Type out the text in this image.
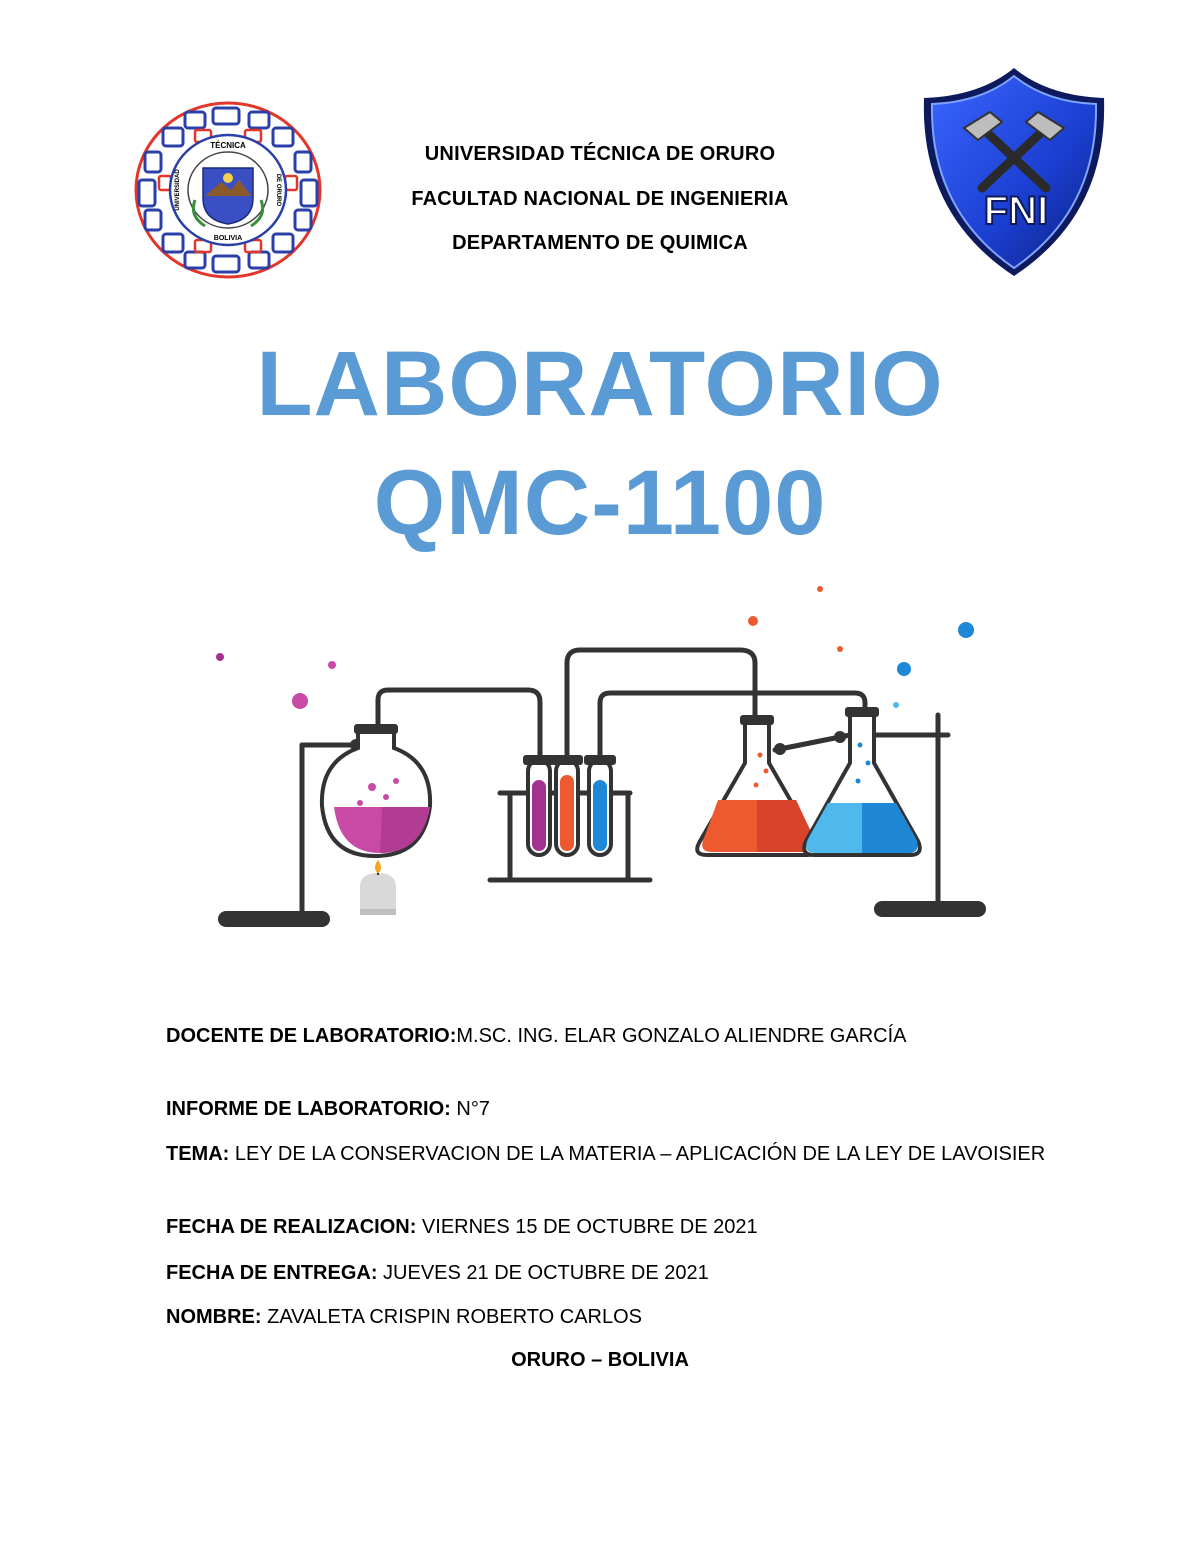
TÉCNICA
BOLIVIA
UNIVERSIDAD	DE ORURO
UNIVERSIDAD TÉCNICA DE ORURO
FACULTAD NACIONAL DE INGENIERIA
DEPARTAMENTO DE QUIMICA
FNI
LABORATORIO
QMC-1100
DOCENTE DE LABORATORIO:M.SC. ING. ELAR GONZALO ALIENDRE GARCÍA
INFORME DE LABORATORIO: N°7
TEMA: LEY DE LA CONSERVACION DE LA MATERIA – APLICACIÓN DE LA LEY DE LAVOISIER
FECHA DE REALIZACION: VIERNES 15 DE OCTUBRE DE 2021
FECHA DE ENTREGA: JUEVES 21 DE OCTUBRE DE 2021
NOMBRE: ZAVALETA CRISPIN ROBERTO CARLOS
ORURO – BOLIVIA
